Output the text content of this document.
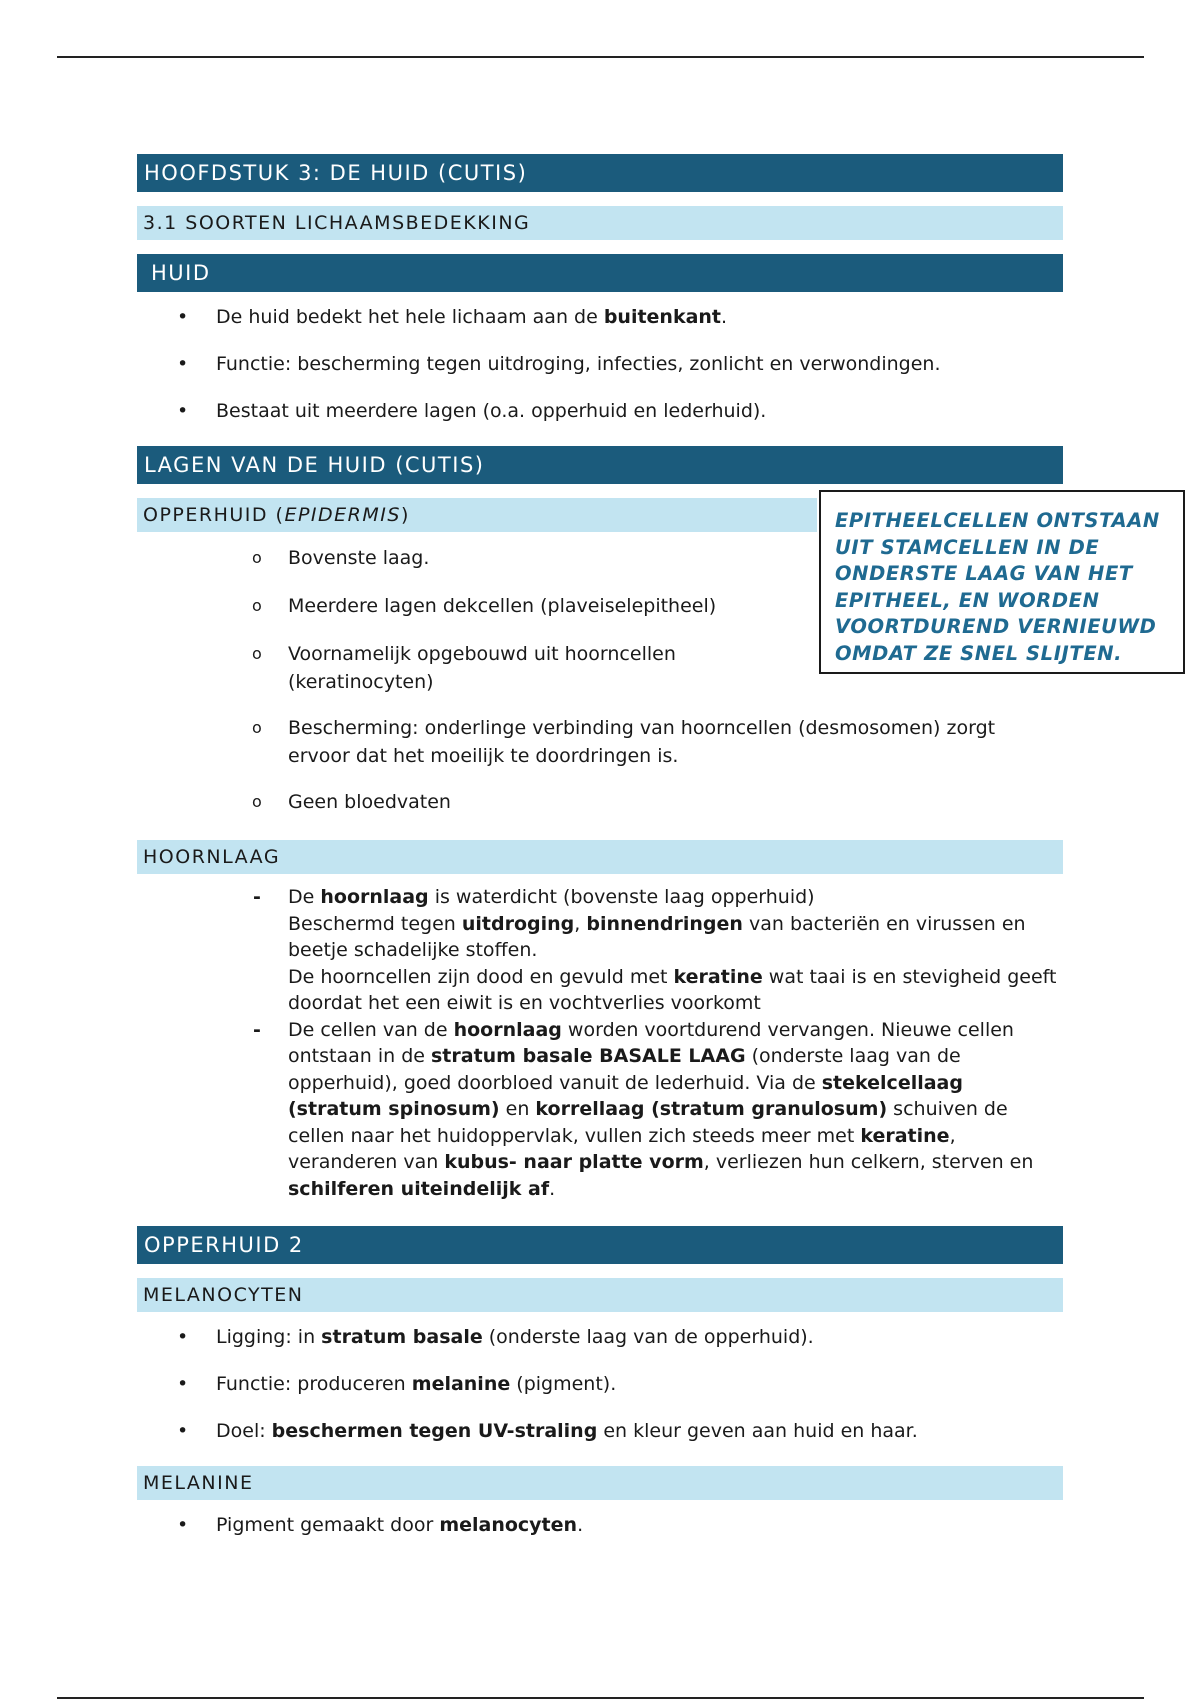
HOOFDSTUK 3: DE HUID (CUTIS)
3.1 SOORTEN LICHAAMSBEDEKKING
HUID
• De huid bedekt het hele lichaam aan de buitenkant.
• Functie: bescherming tegen uitdroging, infecties, zonlicht en verwondingen.
• Bestaat uit meerdere lagen (o.a. opperhuid en lederhuid).
LAGEN VAN DE HUID (CUTIS)
OPPERHUID (EPIDERMIS)
o Bovenste laag.
o Meerdere lagen dekcellen (plaveiselepitheel)
o Voornamelijk opgebouwd uit hoorncellen (keratinocyten)
o Bescherming: onderlinge verbinding van hoorncellen (desmosomen) zorgt ervoor dat het moeilijk te doordringen is.
o Geen bloedvaten
HOORNLAAG
- De hoornlaag is waterdicht (bovenste laag opperhuid)
Beschermd tegen uitdroging, binnendringen van bacteriën en virussen en beetje schadelijke stoffen.
De hoorncellen zijn dood en gevuld met keratine wat taai is en stevigheid geeft doordat het een eiwit is en vochtverlies voorkomt
- De cellen van de hoornlaag worden voortdurend vervangen. Nieuwe cellen ontstaan in de stratum basale BASALE LAAG (onderste laag van de opperhuid), goed doorbloed vanuit de lederhuid. Via de stekelcellaag (stratum spinosum) en korrellaag (stratum granulosum) schuiven de cellen naar het huidoppervlak, vullen zich steeds meer met keratine, veranderen van kubus- naar platte vorm, verliezen hun celkern, sterven en schilferen uiteindelijk af.
OPPERHUID 2
MELANOCYTEN
• Ligging: in stratum basale (onderste laag van de opperhuid).
• Functie: produceren melanine (pigment).
• Doel: beschermen tegen UV-straling en kleur geven aan huid en haar.
MELANINE
• Pigment gemaakt door melanocyten.
EPITHEELCELLEN ONTSTAAN UIT STAMCELLEN IN DE ONDERSTE LAAG VAN HET EPITHEEL, EN WORDEN VOORTDUREND VERNIEUWD OMDAT ZE SNEL SLIJTEN.
